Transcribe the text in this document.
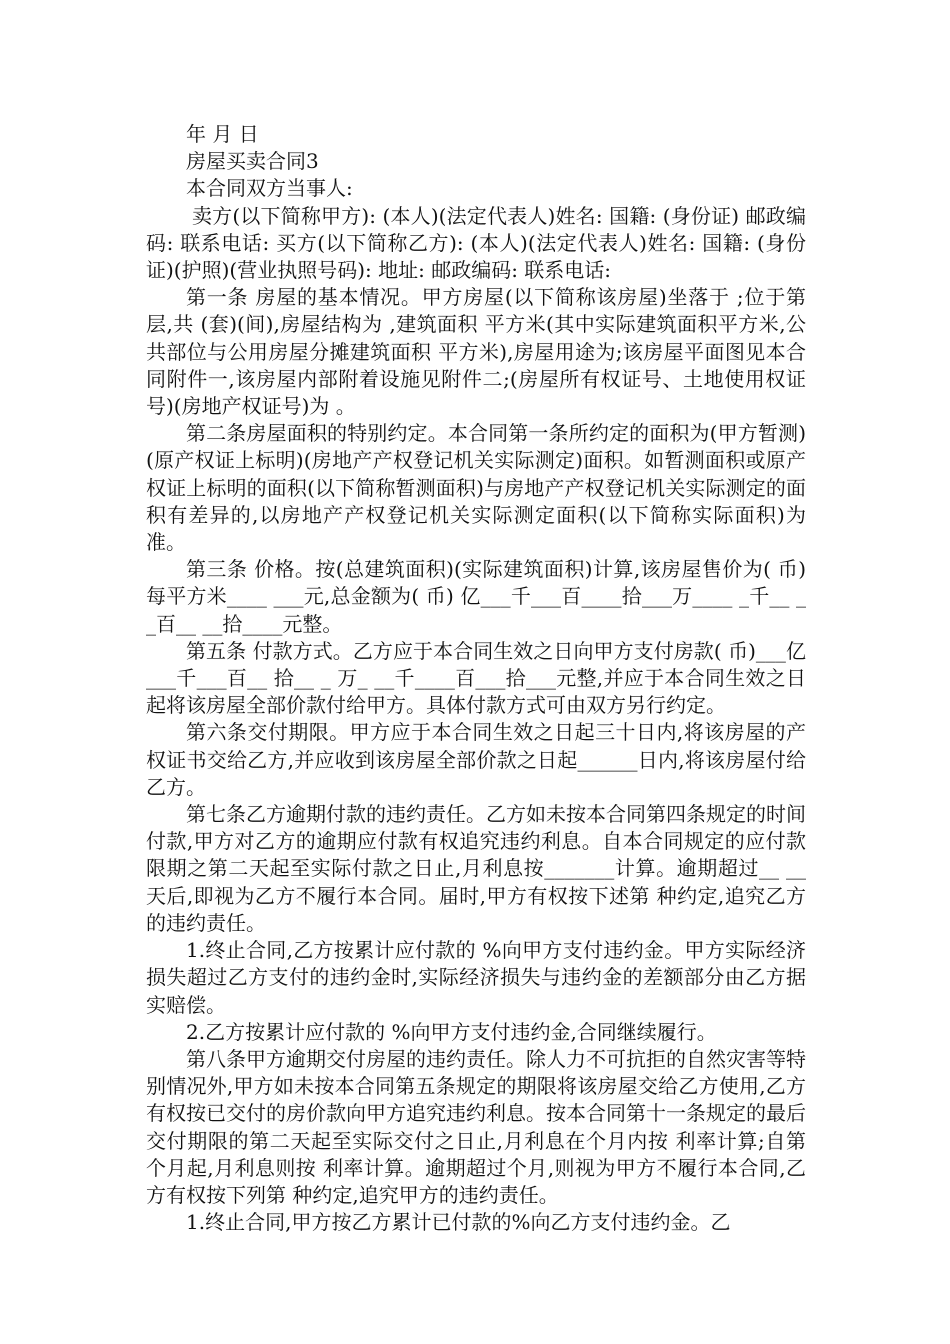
年 月 日

房屋买卖合同3

本合同双方当事人:

卖方(以下简称甲方): (本人)(法定代表人)姓名: 国籍: (身份证) 邮政编码: 联系电话: 买方(以下简称乙方): (本人)(法定代表人)姓名: 国籍: (身份证)(护照)(营业执照号码): 地址: 邮政编码: 联系电话:

第一条 房屋的基本情况。甲方房屋(以下简称该房屋)坐落于 ;位于第 层,共 (套)(间),房屋结构为 ,建筑面积 平方米(其中实际建筑面积平方米,公共部位与公用房屋分摊建筑面积 平方米),房屋用途为;该房屋平面图见本合同附件一,该房屋内部附着设施见附件二;(房屋所有权证号、土地使用权证号)(房地产权证号)为 。

第二条房屋面积的特别约定。本合同第一条所约定的面积为(甲方暂测)(原产权证上标明)(房地产产权登记机关实际测定)面积。如暂测面积或原产权证上标明的面积(以下简称暂测面积)与房地产产权登记机关实际测定的面积有差异的,以房地产产权登记机关实际测定面积(以下简称实际面积)为准。

第三条 价格。按(总建筑面积)(实际建筑面积)计算,该房屋售价为( 币)每平方米____ ___元,总金额为( 币) 亿___千___百____拾___万____ _千__ __百__ __拾____元整。

第五条 付款方式。乙方应于本合同生效之日向甲方支付房款( 币)___亿___千___百__ 拾__ _ 万_ __千____百___拾___元整,并应于本合同生效之日起将该房屋全部价款付给甲方。具体付款方式可由双方另行约定。

第六条交付期限。甲方应于本合同生效之日起三十日内,将该房屋的产权证书交给乙方,并应收到该房屋全部价款之日起______日内,将该房屋付给乙方。

第七条乙方逾期付款的违约责任。乙方如未按本合同第四条规定的时间付款,甲方对乙方的逾期应付款有权追究违约利息。自本合同规定的应付款限期之第二天起至实际付款之日止,月利息按_______计算。逾期超过__ __天后,即视为乙方不履行本合同。届时,甲方有权按下述第 种约定,追究乙方的违约责任。

1.终止合同,乙方按累计应付款的 %向甲方支付违约金。甲方实际经济损失超过乙方支付的违约金时,实际经济损失与违约金的差额部分由乙方据实赔偿。

2.乙方按累计应付款的 %向甲方支付违约金,合同继续履行。

第八条甲方逾期交付房屋的违约责任。除人力不可抗拒的自然灾害等特别情况外,甲方如未按本合同第五条规定的期限将该房屋交给乙方使用,乙方有权按已交付的房价款向甲方追究违约利息。按本合同第十一条规定的最后交付期限的第二天起至实际交付之日止,月利息在个月内按 利率计算;自第 个月起,月利息则按 利率计算。逾期超过个月,则视为甲方不履行本合同,乙方有权按下列第 种约定,追究甲方的违约责任。

1.终止合同,甲方按乙方累计已付款的%向乙方支付违约金。乙
